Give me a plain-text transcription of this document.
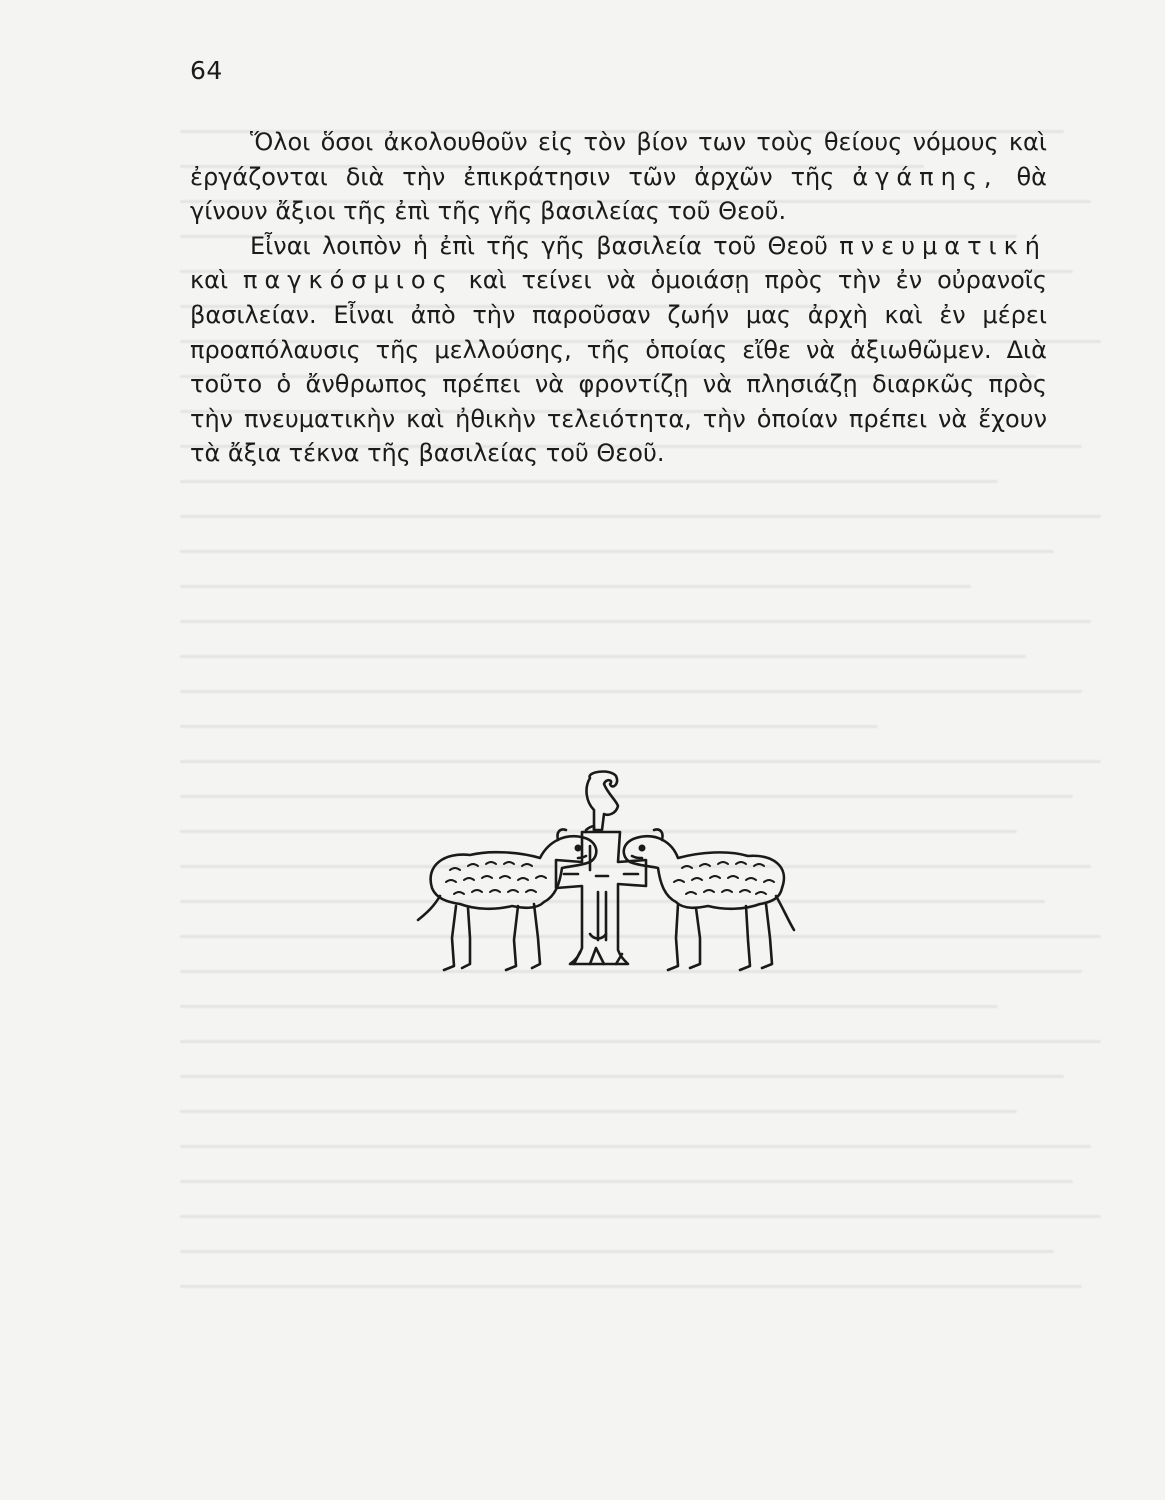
64

Ὅλοι ὅσοι ἀκολουθοῦν εἰς τὸν βίον των τοὺς θείους νόμους καὶ
ἐργάζονται διὰ τὴν ἐπικράτησιν τῶν ἀρχῶν τῆς ἀγάπης, θὰ
γίνουν ἄξιοι τῆς ἐπὶ τῆς γῆς βασιλείας τοῦ Θεοῦ.

Εἶναι λοιπὸν ἡ ἐπὶ τῆς γῆς βασιλεία τοῦ Θεοῦ πνευματική
καὶ παγκόσμιος καὶ τείνει νὰ ὁμοιάσῃ πρὸς τὴν ἐν οὐρανοῖς
βασιλείαν. Εἶναι ἀπὸ τὴν παροῦσαν ζωήν μας ἀρχὴ καὶ ἐν μέρει
προαπόλαυσις τῆς μελλούσης, τῆς ὁποίας εἴθε νὰ ἀξιωθῶμεν. Διὰ
τοῦτο ὁ ἄνθρωπος πρέπει νὰ φροντίζῃ νὰ πλησιάζῃ διαρκῶς πρὸς
τὴν πνευματικὴν καὶ ἠθικὴν τελειότητα, τὴν ὁποίαν πρέπει νὰ ἔχουν
τὰ ἄξια τέκνα τῆς βασιλείας τοῦ Θεοῦ.
